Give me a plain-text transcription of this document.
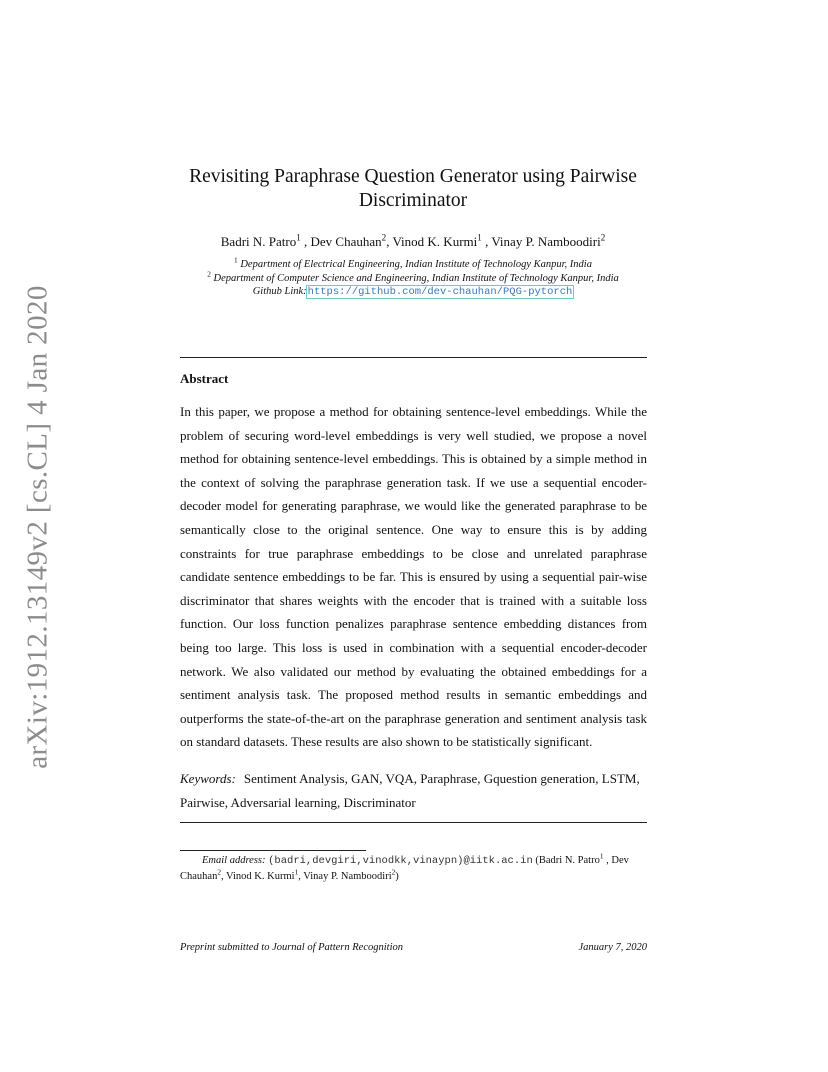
arXiv:1912.13149v2 [cs.CL] 4 Jan 2020
Revisiting Paraphrase Question Generator using Pairwise Discriminator
Badri N. Patro$^1$ , Dev Chauhan$^2$, Vinod K. Kurmi$^1$ , Vinay P. Namboodiri$^2$
$^1$ Department of Electrical Engineering, Indian Institute of Technology Kanpur, India
$^2$ Department of Computer Science and Engineering, Indian Institute of Technology Kanpur, India
Github Link:https://github.com/dev-chauhan/PQG-pytorch
Abstract
In this paper, we propose a method for obtaining sentence-level embeddings. While the problem of securing word-level embeddings is very well studied, we propose a novel method for obtaining sentence-level embeddings. This is obtained by a simple method in the context of solving the paraphrase generation task. If we use a sequential encoder-decoder model for generating paraphrase, we would like the generated paraphrase to be semantically close to the original sentence. One way to ensure this is by adding constraints for true paraphrase embeddings to be close and unrelated paraphrase candidate sentence embeddings to be far. This is ensured by using a sequential pair-wise discriminator that shares weights with the encoder that is trained with a suitable loss function. Our loss function penalizes paraphrase sentence embedding distances from being too large. This loss is used in combination with a sequential encoder-decoder network. We also validated our method by evaluating the obtained embeddings for a sentiment analysis task. The proposed method results in semantic embeddings and outperforms the state-of-the-art on the paraphrase generation and sentiment analysis task on standard datasets. These results are also shown to be statistically significant.
Keywords: Sentiment Analysis, GAN, VQA, Paraphrase, Gquestion generation, LSTM, Pairwise, Adversarial learning, Discriminator
Email address: (badri,devgiri,vinodkk,vinaypn)@iitk.ac.in (Badri N. Patro$^1$ , Dev Chauhan$^2$, Vinod K. Kurmi$^1$, Vinay P. Namboodiri$^2$)
Preprint submitted to Journal of Pattern Recognition	January 7, 2020
